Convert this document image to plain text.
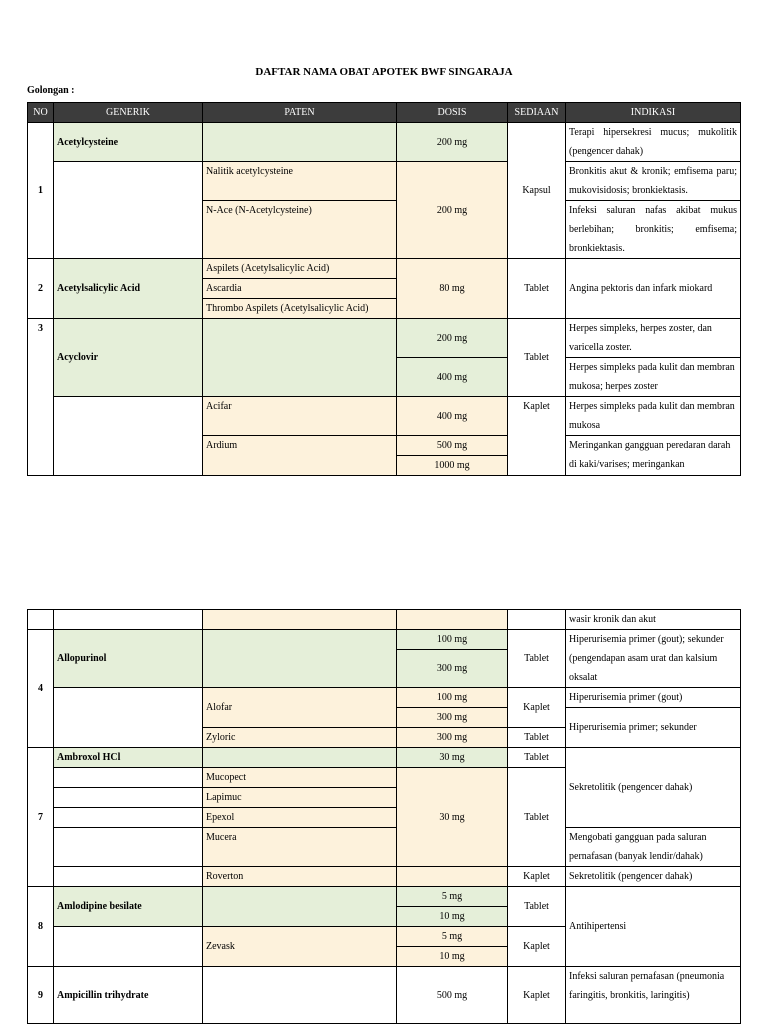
DAFTAR NAMA OBAT APOTEK BWF SINGARAJA
Golongan :
NO	GENERIK	PATEN	DOSIS	SEDIAAN	INDIKASI
1	Acetylcysteine		200 mg	Kapsul	Terapi hipersekresi mucus; mukolitik (pengencer dahak)
		Nalitik acetylcysteine	200 mg		Bronkitis akut & kronik; emfisema paru; mukovisidosis; bronkiektasis.
		N-Ace (N-Acetylcysteine)			Infeksi saluran nafas akibat mukus berlebihan; bronkitis; emfisema; bronkiektasis.
2	Acetylsalicylic Acid	Aspilets (Acetylsalicylic Acid)	80 mg	Tablet	Angina pektoris dan infark miokard
		Ascardia			
		Thrombo Aspilets (Acetylsalicylic Acid)			
3	Acyclovir		200 mg	Tablet	Herpes simpleks, herpes zoster, dan varicella zoster.
			400 mg		Herpes simpleks pada kulit dan membran mukosa; herpes zoster
		Acifar	400 mg	Kaplet	Herpes simpleks pada kulit dan membran mukosa
		Ardium	500 mg		Meringankan gangguan peredaran darah di kaki/varises; meringankan
			1000 mg		
					wasir kronik dan akut
4	Allopurinol		100 mg	Tablet	Hiperurisemia primer (gout); sekunder (pengendapan asam urat dan kalsium oksalat
			300 mg		

		Alofar	100 mg	Kaplet	Hiperurisemia primer (gout)
			300 mg		Hiperurisemia primer; sekunder
		Zyloric	300 mg	Tablet	
7	Ambroxol HCl		30 mg	Tablet	Sekretolitik (pengencer dahak)
		Mucopect	30 mg	Tablet	
		Lapimuc			
		Epexol			
		Mucera			Mengobati gangguan pada saluran pernafasan (banyak lendir/dahak)

		Roverton		Kaplet	Sekretolitik (pengencer dahak)
8	Amlodipine besilate		5 mg	Tablet	Antihipertensi
			10 mg		
		Zevask	5 mg	Kaplet	
			10 mg		
9	Ampicillin trihydrate		500 mg	Kaplet	Infeksi saluran pernafasan (pneumonia faringitis, bronkitis, laringitis)
